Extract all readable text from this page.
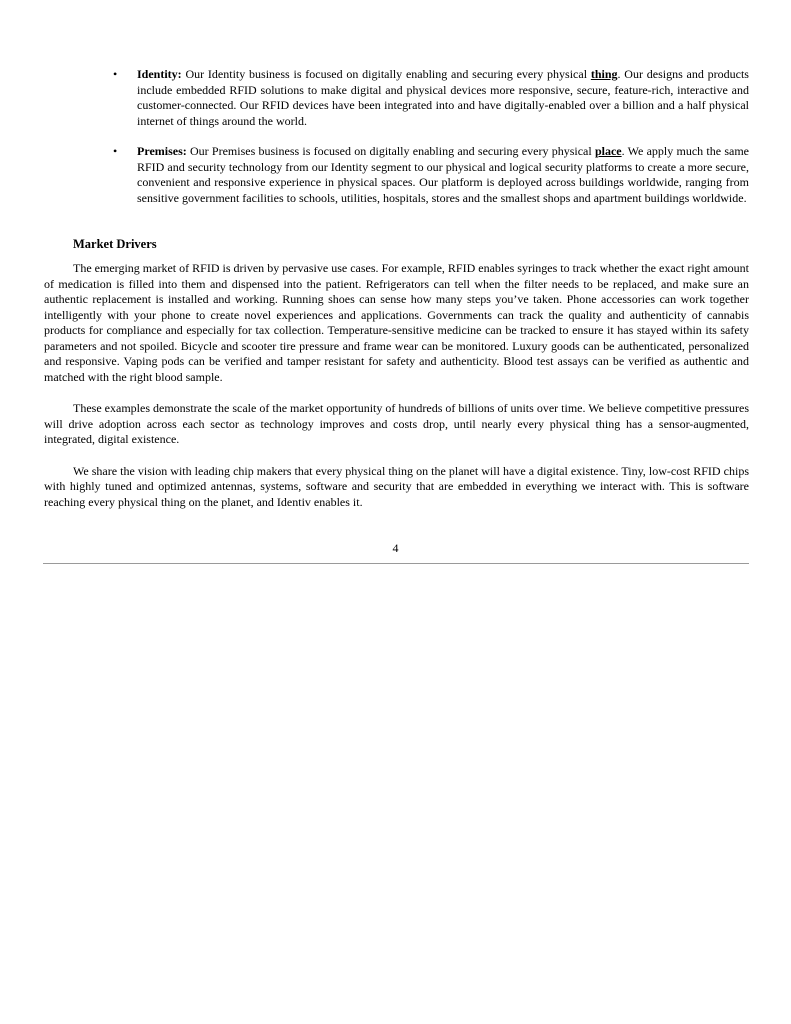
• Identity: Our Identity business is focused on digitally enabling and securing every physical thing. Our designs and products include embedded RFID solutions to make digital and physical devices more responsive, secure, feature-rich, interactive and customer-connected. Our RFID devices have been integrated into and have digitally-enabled over a billion and a half physical internet of things around the world.
• Premises: Our Premises business is focused on digitally enabling and securing every physical place. We apply much the same RFID and security technology from our Identity segment to our physical and logical security platforms to create a more secure, convenient and responsive experience in physical spaces. Our platform is deployed across buildings worldwide, ranging from sensitive government facilities to schools, utilities, hospitals, stores and the smallest shops and apartment buildings worldwide.
Market Drivers

The emerging market of RFID is driven by pervasive use cases. For example, RFID enables syringes to track whether the exact right amount of medication is filled into them and dispensed into the patient. Refrigerators can tell when the filter needs to be replaced, and make sure an authentic replacement is installed and working. Running shoes can sense how many steps you’ve taken. Phone accessories can work together intelligently with your phone to create novel experiences and applications. Governments can track the quality and authenticity of cannabis products for compliance and especially for tax collection. Temperature-sensitive medicine can be tracked to ensure it has stayed within its safety parameters and not spoiled. Bicycle and scooter tire pressure and frame wear can be monitored. Luxury goods can be authenticated, personalized and responsive. Vaping pods can be verified and tamper resistant for safety and authenticity. Blood test assays can be verified as authentic and matched with the right blood sample.

These examples demonstrate the scale of the market opportunity of hundreds of billions of units over time. We believe competitive pressures will drive adoption across each sector as technology improves and costs drop, until nearly every physical thing has a sensor-augmented, integrated, digital existence.

We share the vision with leading chip makers that every physical thing on the planet will have a digital existence. Tiny, low-cost RFID chips with highly tuned and optimized antennas, systems, software and security that are embedded in everything we interact with. This is software reaching every physical thing on the planet, and Identiv enables it.

4
